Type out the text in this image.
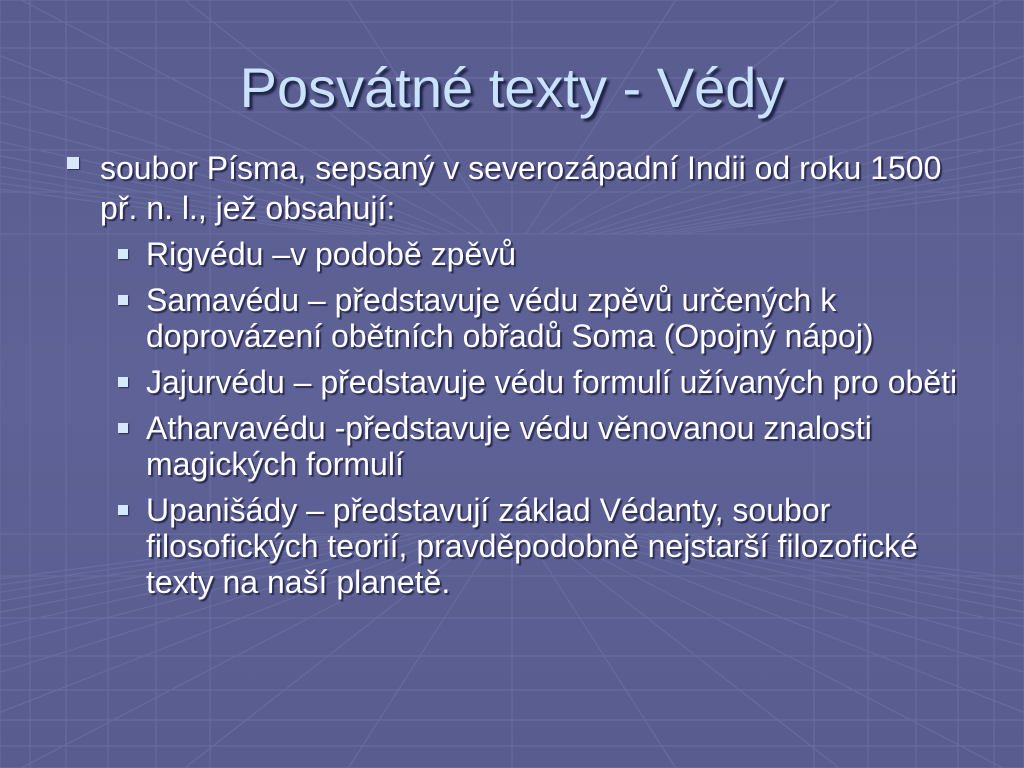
Posvátné texty - Védy
soubor Písma, sepsaný v severozápadní Indii od roku 1500 př. n. l., jež obsahují:
Rigvédu –v podobě zpěvů
Samavédu – představuje védu zpěvů určených k doprovázení obětních obřadů Soma (Opojný nápoj)
Jajurvédu – představuje védu formulí užívaných pro oběti
Atharvavédu -představuje védu věnovanou znalosti magických formulí
Upanišády – představují základ Védanty, soubor filosofických teorií, pravděpodobně nejstarší filozofické texty na naší planetě.
